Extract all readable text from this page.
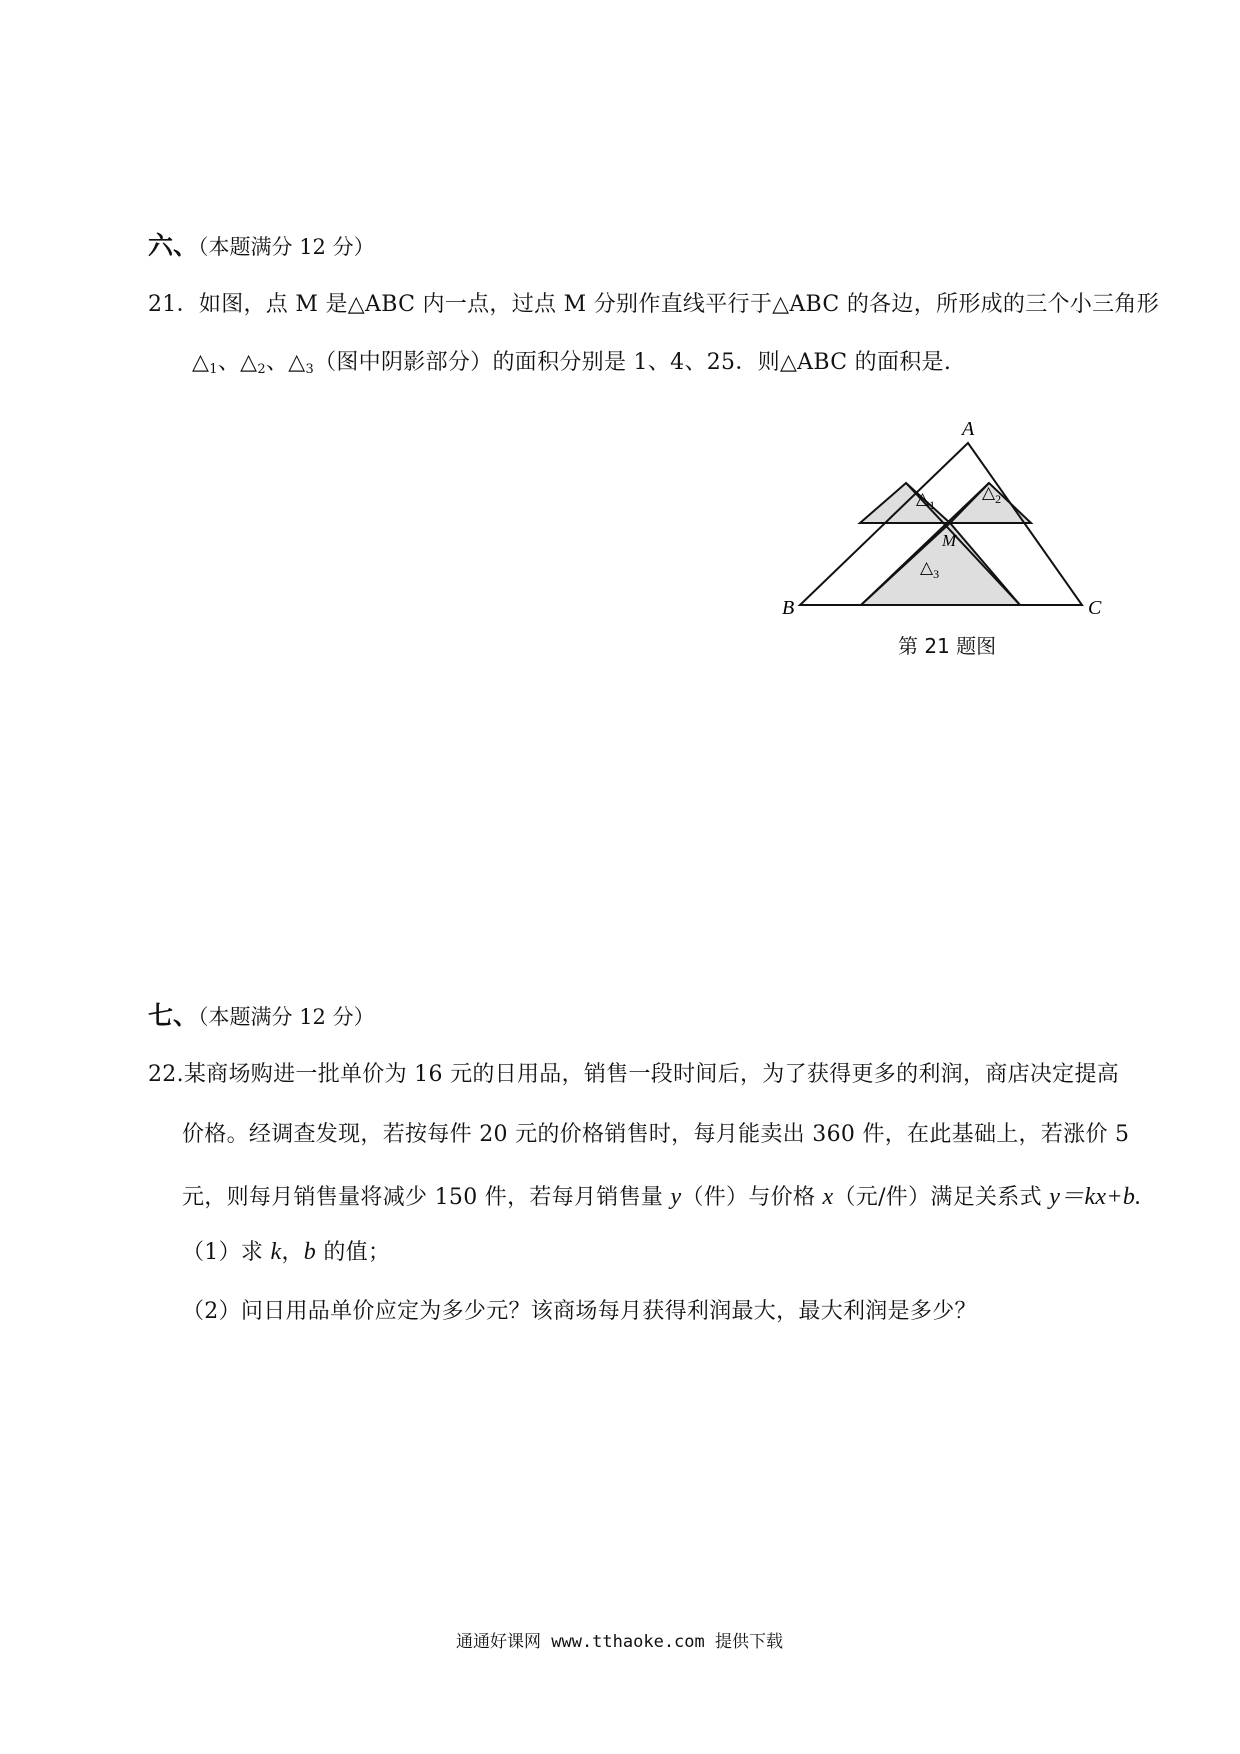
六、（本题满分 12 分）
21．如图，点 M 是△ABC 内一点，过点 M 分别作直线平行于△ABC 的各边，所形成的三个小三角形
$\triangle_1$、$\triangle_2$、$\triangle_3$（图中阴影部分）的面积分别是 1、4、25．则△ABC 的面积是.
A
B	C
M
$\triangle_1$
$\triangle_2$
$\triangle_3$
第 21 题图
七、（本题满分 12 分）
22.某商场购进一批单价为 16 元的日用品，销售一段时间后，为了获得更多的利润，商店决定提高
价格。经调查发现，若按每件 20 元的价格销售时，每月能卖出 360 件，在此基础上，若涨价 5
元，则每月销售量将减少 150 件，若每月销售量 y（件）与价格 x（元/件）满足关系式 y＝kx+b.
（1）求 k，b 的值；
（2）问日用品单价应定为多少元？该商场每月获得利润最大，最大利润是多少？
通通好课网 www.tthaoke.com 提供下载
